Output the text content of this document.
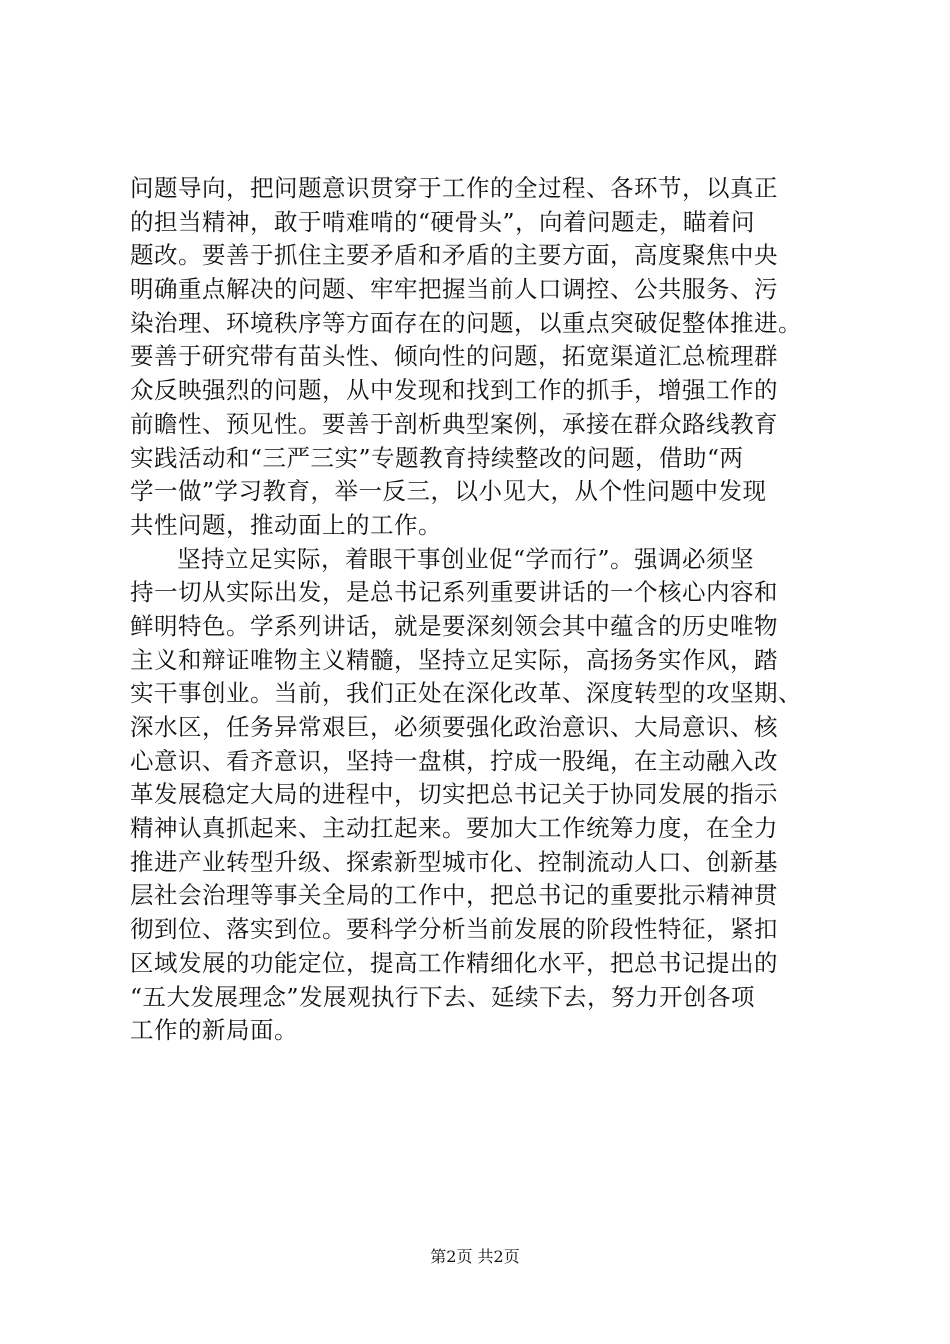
问题导向，把问题意识贯穿于工作的全过程、各环节，以真正
的担当精神，敢于啃难啃的“硬骨头”，向着问题走，瞄着问
题改。要善于抓住主要矛盾和矛盾的主要方面，高度聚焦中央
明确重点解决的问题、牢牢把握当前人口调控、公共服务、污
染治理、环境秩序等方面存在的问题，以重点突破促整体推进。
要善于研究带有苗头性、倾向性的问题，拓宽渠道汇总梳理群
众反映强烈的问题，从中发现和找到工作的抓手，增强工作的
前瞻性、预见性。要善于剖析典型案例，承接在群众路线教育
实践活动和“三严三实”专题教育持续整改的问题，借助“两
学一做”学习教育，举一反三，以小见大，从个性问题中发现
共性问题，推动面上的工作。
坚持立足实际，着眼干事创业促“学而行”。强调必须坚
持一切从实际出发，是总书记系列重要讲话的一个核心内容和
鲜明特色。学系列讲话，就是要深刻领会其中蕴含的历史唯物
主义和辩证唯物主义精髓，坚持立足实际，高扬务实作风，踏
实干事创业。当前，我们正处在深化改革、深度转型的攻坚期、
深水区，任务异常艰巨，必须要强化政治意识、大局意识、核
心意识、看齐意识，坚持一盘棋，拧成一股绳，在主动融入改
革发展稳定大局的进程中，切实把总书记关于协同发展的指示
精神认真抓起来、主动扛起来。要加大工作统筹力度，在全力
推进产业转型升级、探索新型城市化、控制流动人口、创新基
层社会治理等事关全局的工作中，把总书记的重要批示精神贯
彻到位、落实到位。要科学分析当前发展的阶段性特征，紧扣
区域发展的功能定位，提高工作精细化水平，把总书记提出的
“五大发展理念”发展观执行下去、延续下去，努力开创各项
工作的新局面。
第2页 共2页
